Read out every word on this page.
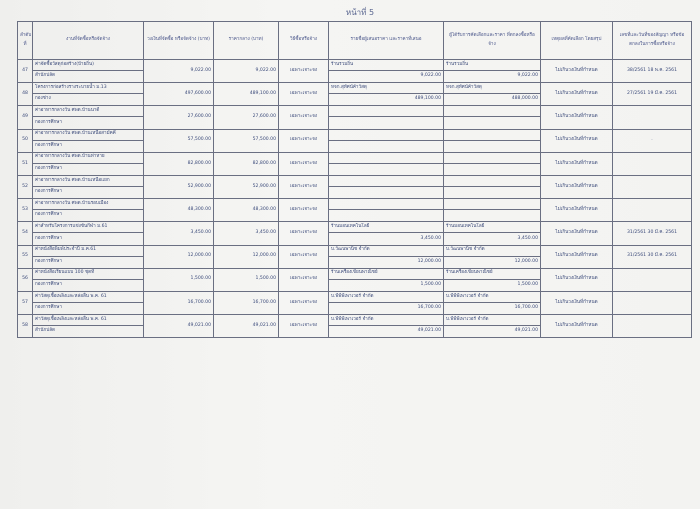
หน้าที่ 5
ลำดับที่	งานที่จัดซื้อหรือจัดจ้าง	วงเงินที่จัดซื้อ หรือจัดจ้าง (บาท)	ราคากลาง (บาท)	วิธีซื้อหรือจ้าง	รายชื่อผู้เสนอราคา และราคาที่เสนอ	ผู้ได้รับการคัดเลือกและราคา ที่ตกลงซื้อหรือจ้าง	เหตุผลที่คัดเลือก โดยสรุป	เลขที่และวันที่ของสัญญา หรือข้อตกลงในการซื้อหรือจ้าง
47	ค่าจัดซื้อวัสดุก่อสร้าง(ป้ายถิ่น)	9,022.00	9,022.00	เฉพาะเจาะจง	ร้านรวมถิ่น	ร้านรวมถิ่น	ไม่เกินวงเงินที่กำหนด	38/2561 18 พ.ค. 2561
	สำนักปลัด				9,022.00	9,022.00		
48	โครงการก่อสร้างรางระบายน้ำ ม.13	497,600.00	489,100.00	เฉพาะเจาะจง	หจก.สุทัศน์ค้าวัสดุ	หจก.สุทัศน์ค้าวัสดุ	ไม่เกินวงเงินที่กำหนด	27/2561 19 มี.ค. 2561
	กองช่าง				489,100.00	488,000.00		
49	ค่าอาหารกลางวัน ศพด.บ้านนาดี	27,600.00	27,600.00	เฉพาะเจาะจง			ไม่เกินวงเงินที่กำหนด	
	กองการศึกษา							
50	ค่าอาหารกลางวัน ศพด.บ้านเหนือสามัคคี	57,500.00	57,500.00	เฉพาะเจาะจง			ไม่เกินวงเงินที่กำหนด	.
	กองการศึกษา							
51	ค่าอาหารกลางวัน ศพด.บ้านท่าหาย	82,800.00	82,800.00	เฉพาะเจาะจง			ไม่เกินวงเงินที่กำหนด	
	กองการศึกษา							
52	ค่าอาหารกลางวัน ศพด.บ้านเหนือแยก	52,900.00	52,900.00	เฉพาะเจาะจง			ไม่เกินวงเงินที่กำหนด	
	กองการศึกษา							
53	ค่าอาหารกลางวัน ศพด.บ้านรอบเมือง	48,300.00	48,300.00	เฉพาะเจาะจง			ไม่เกินวงเงินที่กำหนด	
	กองการศึกษา							
54	ค่าสำหรับโครงการแข่งขันกีฬา ม.61	3,450.00	3,450.00	เฉพาะเจาะจง	ร้านมอนเทคโนโลยี	ร้านมอนเทคโนโลยี	ไม่เกินวงเงินที่กำหนด	31/2561 30 มี.ค. 2561
	กองการศึกษา				3,450.00	3,450.00		
55	ค่าหนังสือพิมพ์ประจำปี ม.ค.61	12,000.00	12,000.00	เฉพาะเจาะจง	บ.วัฒนพานิช จำกัด	บ.วัฒนพานิช จำกัด	ไม่เกินวงเงินที่กำหนด	31/2561 30 มี.ค. 2561
	กองการศึกษา				12,000.00	12,000.00		
56	ค่าหนังสือเรียนแบบ 100 ชุดที่	1,500.00	1,500.00	เฉพาะเจาะจง	ร้านเครื่องเขียนพาณิชย์	ร้านเครื่องเขียนพาณิชย์	ไม่เกินวงเงินที่กำหนด	
	กองการศึกษา				1,500.00	1,500.00		
57	ค่าวัสดุเชื้อเพลิงและหล่อลื่น พ.ค. 61	16,700.00	16,700.00	เฉพาะเจาะจง	บ.พีพีพีเพาเวอร์ จำกัด	บ.พีพีพีเพาเวอร์ จำกัด	ไม่เกินวงเงินที่กำหนด	
	กองการศึกษา				16,700.00	16,700.00		
58	ค่าวัสดุเชื้อเพลิงและหล่อลื่น พ.ค. 61	49,021.00	49,021.00	เฉพาะเจาะจง	บ.พีพีพีเพาเวอร์ จำกัด	บ.พีพีพีเพาเวอร์ จำกัด	ไม่เกินวงเงินที่กำหนด	
	สำนักปลัด				49,021.00	49,021.00		
